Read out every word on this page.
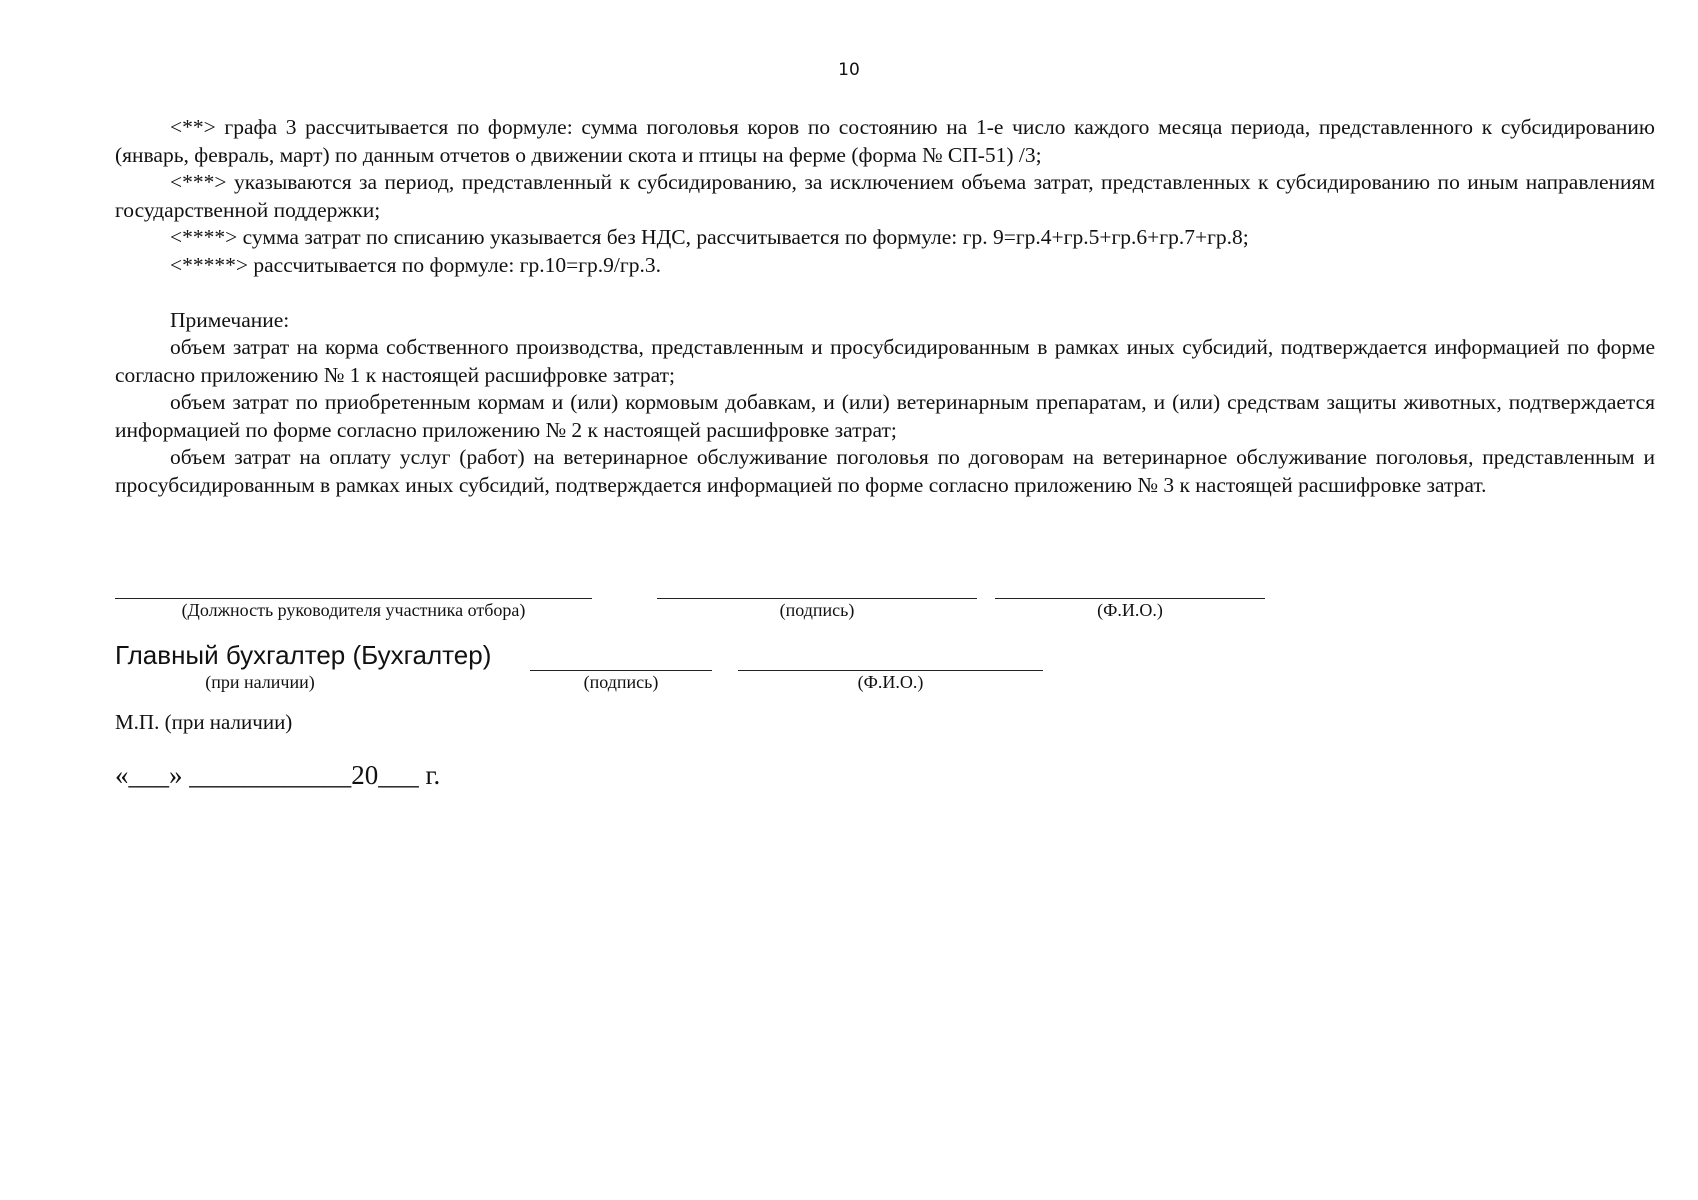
10

<**> графа 3 рассчитывается по формуле: сумма поголовья коров по состоянию на 1-е число каждого месяца периода, представленного к субсидированию (январь, февраль, март) по данным отчетов о движении скота и птицы на ферме (форма № СП-51) /3;

<***> указываются за период, представленный к субсидированию, за исключением объема затрат, представленных к субсидированию по иным направлениям государственной поддержки;

<****> сумма затрат по списанию указывается без НДС, рассчитывается по формуле: гр. 9=гр.4+гр.5+гр.6+гр.7+гр.8;

<*****> рассчитывается по формуле: гр.10=гр.9/гр.3.

Примечание:

объем затрат на корма собственного производства, представленным и просубсидированным в рамках иных субсидий, подтверждается информацией по форме согласно приложению № 1 к настоящей расшифровке затрат;

объем затрат по приобретенным кормам и (или) кормовым добавкам, и (или) ветеринарным препаратам, и (или) средствам защиты животных, подтверждается информацией по форме согласно приложению № 2 к настоящей расшифровке затрат;

объем затрат на оплату услуг (работ) на ветеринарное обслуживание поголовья по договорам на ветеринарное обслуживание поголовья, представленным и просубсидированным в рамках иных субсидий, подтверждается информацией по форме согласно приложению № 3 к настоящей расшифровке затрат.

(Должность руководителя участника отбора)	(подпись)	(Ф.И.О.)
Главный бухгалтер (Бухгалтер)
(при наличии)	(подпись)	(Ф.И.О.)
М.П. (при наличии)
«___» ____________20___ г.
